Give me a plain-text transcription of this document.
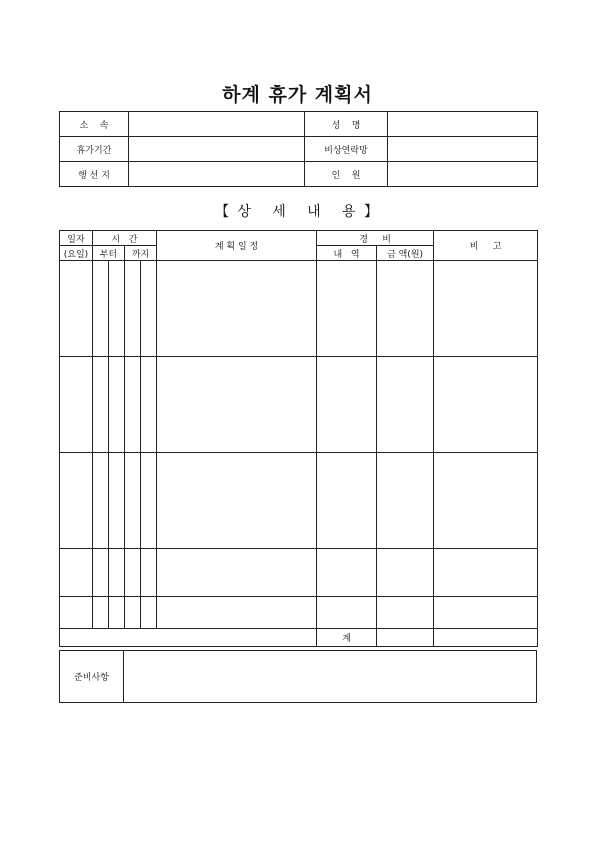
하계 휴가 계획서
소    속		성    명	
휴가기간		비상연락망	
행 선 지		인    원	
【 상   세   내   용 】
일자	시   간				계 획 일 정	경     비		비     고
(요일)	부터		까지			내   역	금 액(원)	

						계		
준비사항	
